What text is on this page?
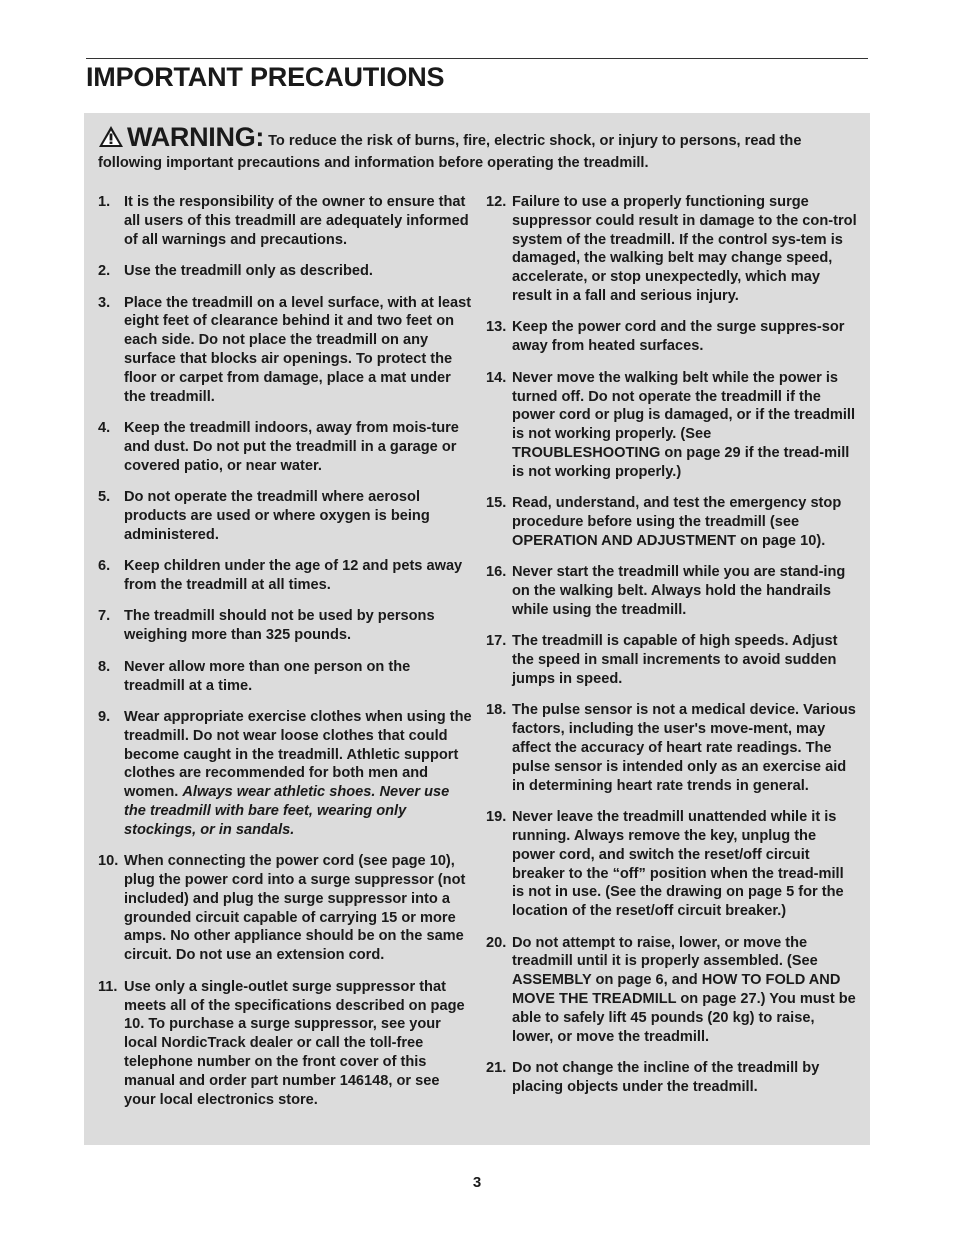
IMPORTANT PRECAUTIONS
WARNING: To reduce the risk of burns, fire, electric shock, or injury to persons, read the following important precautions and information before operating the treadmill.
1. It is the responsibility of the owner to ensure that all users of this treadmill are adequately informed of all warnings and precautions.
2. Use the treadmill only as described.
3. Place the treadmill on a level surface, with at least eight feet of clearance behind it and two feet on each side. Do not place the treadmill on any surface that blocks air openings. To protect the floor or carpet from damage, place a mat under the treadmill.
4. Keep the treadmill indoors, away from mois-ture and dust. Do not put the treadmill in a garage or covered patio, or near water.
5. Do not operate the treadmill where aerosol products are used or where oxygen is being administered.
6. Keep children under the age of 12 and pets away from the treadmill at all times.
7. The treadmill should not be used by persons weighing more than 325 pounds.
8. Never allow more than one person on the treadmill at a time.
9. Wear appropriate exercise clothes when using the treadmill. Do not wear loose clothes that could become caught in the treadmill. Athletic support clothes are recommended for both men and women. Always wear athletic shoes. Never use the treadmill with bare feet, wearing only stockings, or in sandals.
10. When connecting the power cord (see page 10), plug the power cord into a surge suppressor (not included) and plug the surge suppressor into a grounded circuit capable of carrying 15 or more amps. No other appliance should be on the same circuit. Do not use an extension cord.
11. Use only a single-outlet surge suppressor that meets all of the specifications described on page 10. To purchase a surge suppressor, see your local NordicTrack dealer or call the toll-free telephone number on the front cover of this manual and order part number 146148, or see your local electronics store.
12. Failure to use a properly functioning surge suppressor could result in damage to the con-trol system of the treadmill. If the control sys-tem is damaged, the walking belt may change speed, accelerate, or stop unexpectedly, which may result in a fall and serious injury.
13. Keep the power cord and the surge suppres-sor away from heated surfaces.
14. Never move the walking belt while the power is turned off. Do not operate the treadmill if the power cord or plug is damaged, or if the treadmill is not working properly. (See TROUBLESHOOTING on page 29 if the tread-mill is not working properly.)
15. Read, understand, and test the emergency stop procedure before using the treadmill (see OPERATION AND ADJUSTMENT on page 10).
16. Never start the treadmill while you are stand-ing on the walking belt. Always hold the handrails while using the treadmill.
17. The treadmill is capable of high speeds. Adjust the speed in small increments to avoid sudden jumps in speed.
18. The pulse sensor is not a medical device. Various factors, including the user's move-ment, may affect the accuracy of heart rate readings. The pulse sensor is intended only as an exercise aid in determining heart rate trends in general.
19. Never leave the treadmill unattended while it is running. Always remove the key, unplug the power cord, and switch the reset/off circuit breaker to the “off” position when the tread-mill is not in use. (See the drawing on page 5 for the location of the reset/off circuit breaker.)
20. Do not attempt to raise, lower, or move the treadmill until it is properly assembled. (See ASSEMBLY on page 6, and HOW TO FOLD AND MOVE THE TREADMILL on page 27.) You must be able to safely lift 45 pounds (20 kg) to raise, lower, or move the treadmill.
21. Do not change the incline of the treadmill by placing objects under the treadmill.
3
